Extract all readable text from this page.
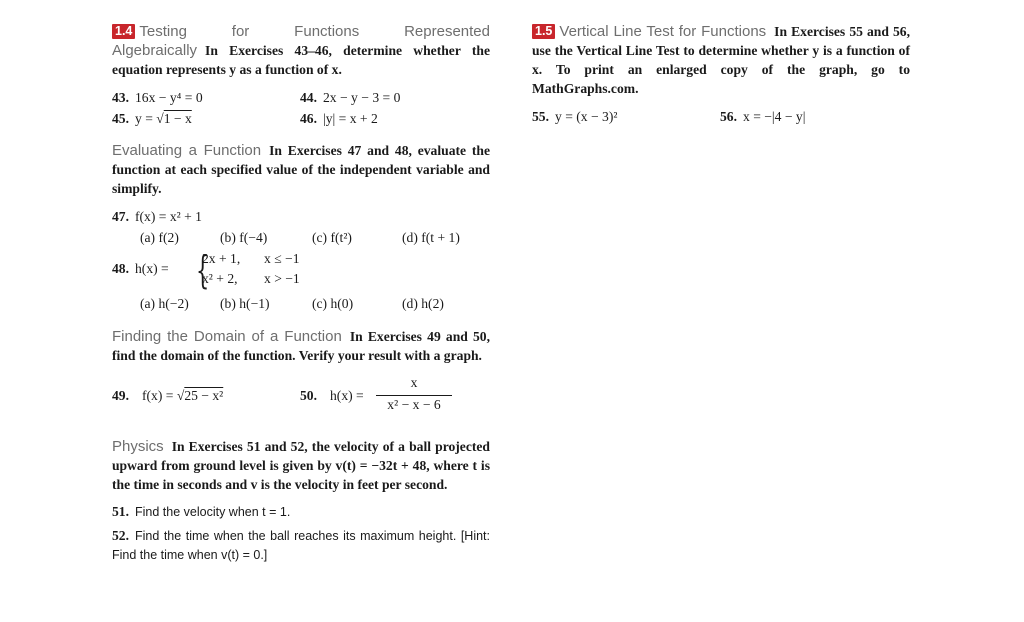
1.4 Testing for Functions Represented Algebraically In Exercises 43–46, determine whether the equation represents y as a function of x.
43. 16x − y⁴ = 0	44. 2x − y − 3 = 0
45. y = √1 − x	46. |y| = x + 2
Evaluating a Function In Exercises 47 and 48, evaluate the function at each specified value of the independent variable and simplify.
47. f(x) = x² + 1
(a) f(2)	(b) f(−4)	(c) f(t²)	(d) f(t + 1)
48. h(x) = {
2x + 1, x ≤ −1
x² + 2, x > −1
(a) h(−2) (b) h(−1)	(c) h(0)	(d) h(2)
Finding the Domain of a Function In Exercises 49 and 50, find the domain of the function. Verify your result with a graph.
49. f(x) = √25 − x²	50. h(x) =
x
x² − x − 6
Physics In Exercises 51 and 52, the velocity of a ball projected upward from ground level is given by v(t) = −32t + 48, where t is the time in seconds and v is the velocity in feet per second.
51. Find the velocity when t = 1.
52. Find the time when the ball reaches its maximum height. [Hint: Find the time when v(t) = 0.]
1.5 Vertical Line Test for Functions In Exercises 55 and 56, use the Vertical Line Test to determine whether y is a function of x. To print an enlarged copy of the graph, go to MathGraphs.com.
55. y = (x − 3)²	56. x = −|4 − y|
